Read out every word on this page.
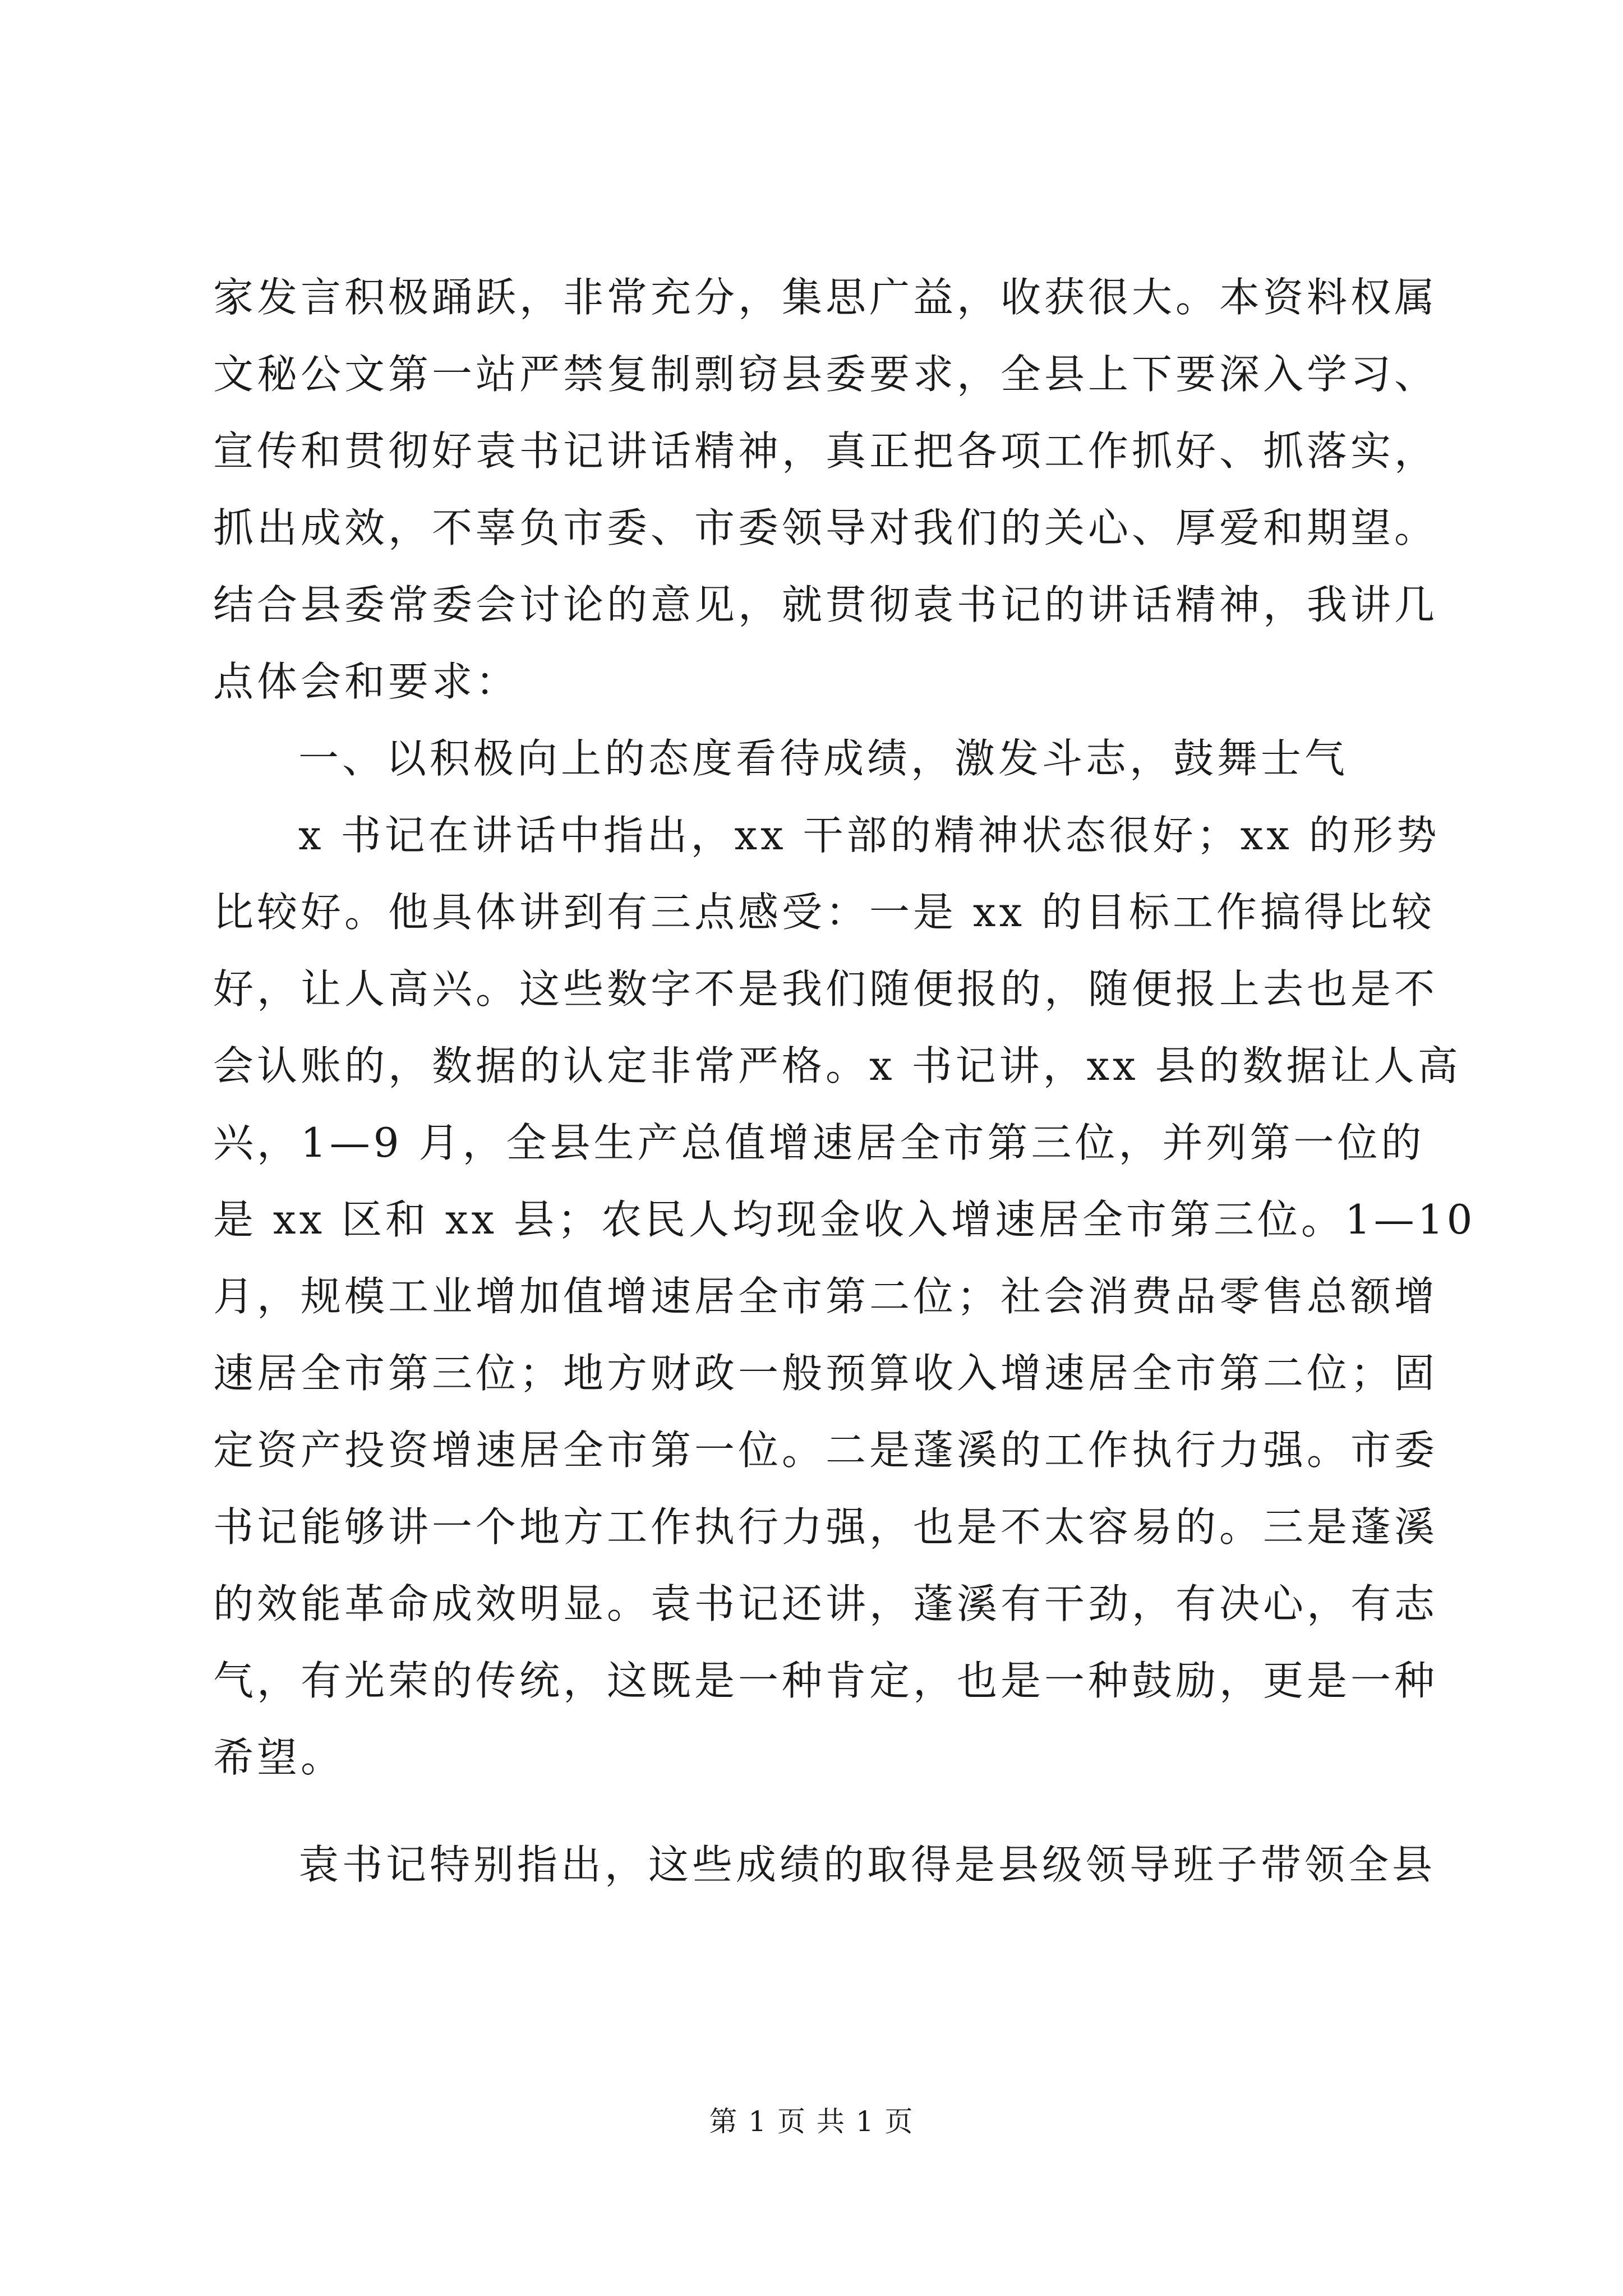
家发言积极踊跃，非常充分，集思广益，收获很大。本资料权属
文秘公文第一站严禁复制剽窃县委要求，全县上下要深入学习、
宣传和贯彻好袁书记讲话精神，真正把各项工作抓好、抓落实，
抓出成效，不辜负市委、市委领导对我们的关心、厚爱和期望。
结合县委常委会讨论的意见，就贯彻袁书记的讲话精神，我讲几
点体会和要求：
一、以积极向上的态度看待成绩，激发斗志，鼓舞士气
x 书记在讲话中指出，xx 干部的精神状态很好；xx 的形势
比较好。他具体讲到有三点感受：一是 xx 的目标工作搞得比较
好，让人高兴。这些数字不是我们随便报的，随便报上去也是不
会认账的，数据的认定非常严格。x 书记讲，xx 县的数据让人高
兴，1—9 月，全县生产总值增速居全市第三位，并列第一位的
是 xx 区和 xx 县；农民人均现金收入增速居全市第三位。1—10
月，规模工业增加值增速居全市第二位；社会消费品零售总额增
速居全市第三位；地方财政一般预算收入增速居全市第二位；固
定资产投资增速居全市第一位。二是蓬溪的工作执行力强。市委
书记能够讲一个地方工作执行力强，也是不太容易的。三是蓬溪
的效能革命成效明显。袁书记还讲，蓬溪有干劲，有决心，有志
气，有光荣的传统，这既是一种肯定，也是一种鼓励，更是一种
希望。
袁书记特别指出，这些成绩的取得是县级领导班子带领全县
第 1 页 共 1 页
